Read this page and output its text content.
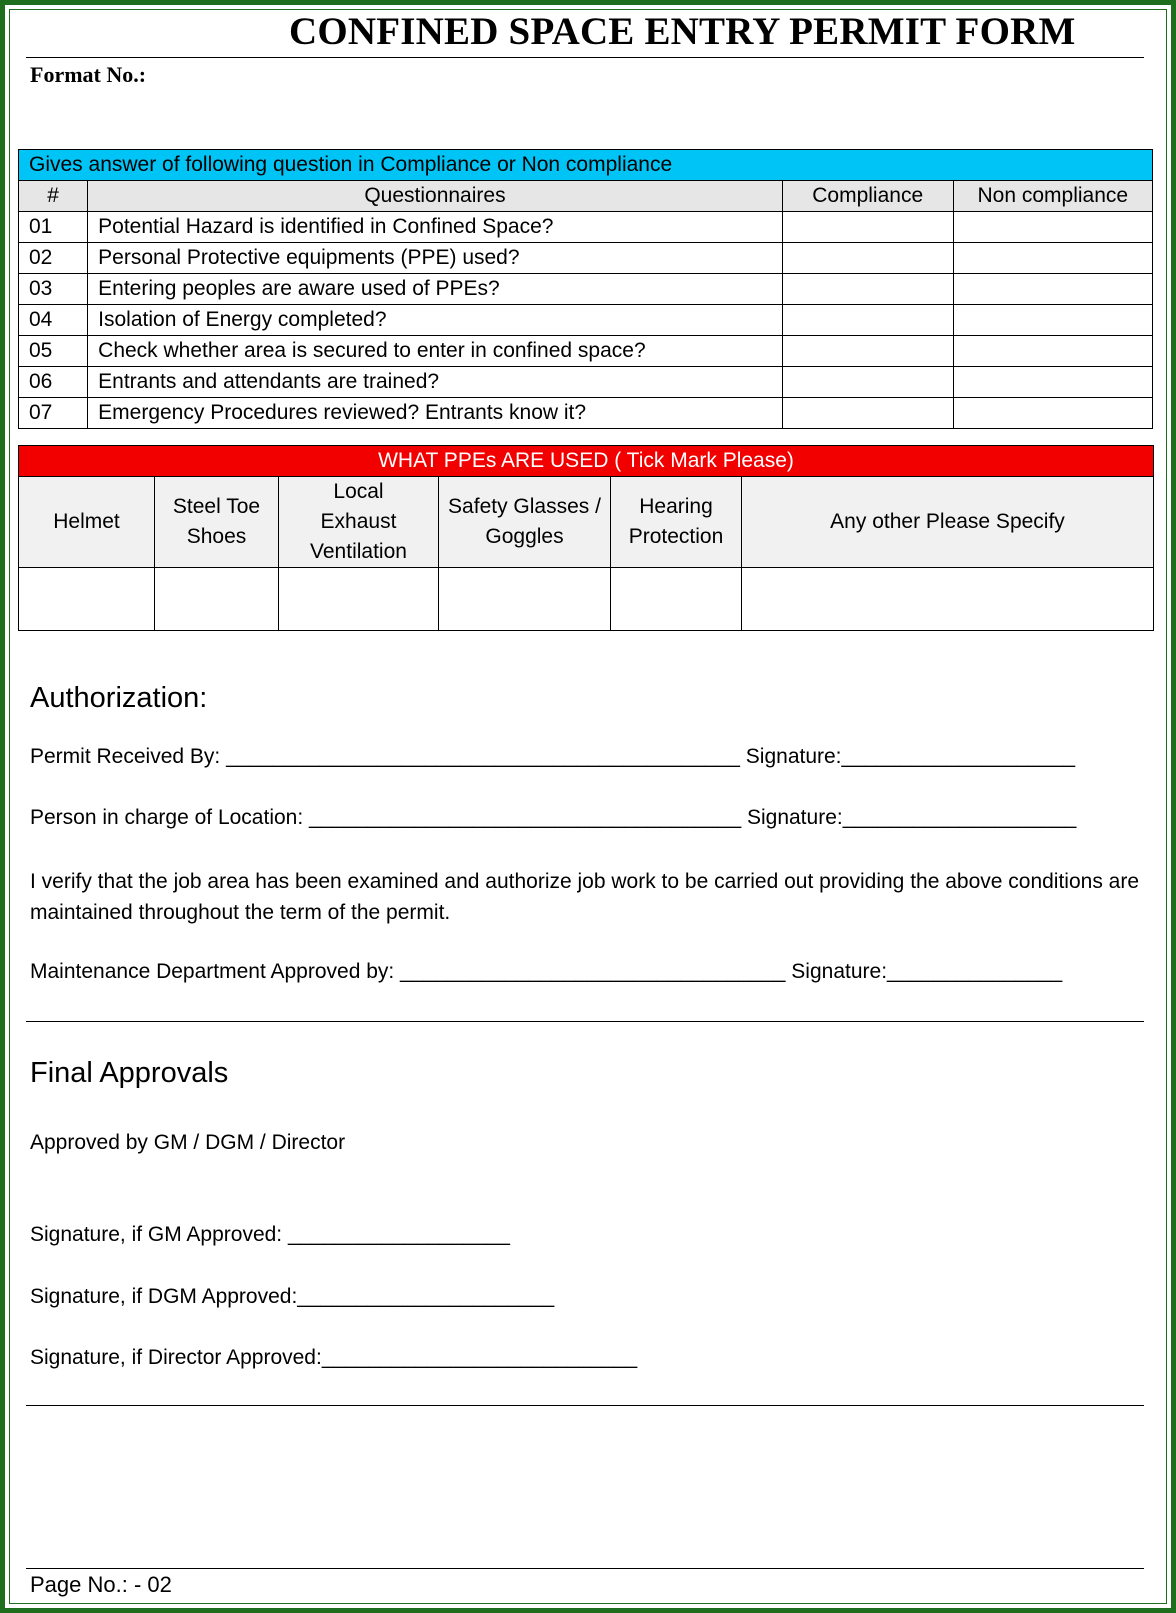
CONFINED SPACE ENTRY PERMIT FORM
Format No.:
Gives answer of following question in Compliance or Non compliance			
#	Questionnaires	Compliance	Non compliance
01	Potential Hazard is identified in Confined Space?		
02	Personal Protective equipments (PPE) used?		
03	Entering peoples are aware used of PPEs?		
04	Isolation of Energy completed?		
05	Check whether area is secured to enter in confined space?		
06	Entrants and attendants are trained?		
07	Emergency Procedures reviewed? Entrants know it?		
WHAT PPEs ARE USED ( Tick Mark Please)					
Helmet	Steel Toe Shoes	Local Exhaust Ventilation	Safety Glasses / Goggles	Hearing Protection	Any other Please Specify

Authorization:
Permit Received By: ____________________________________________ Signature:____________________
Person in charge of Location: _____________________________________ Signature:____________________
I verify that the job area has been examined and authorize job work to be carried out providing the above conditions are maintained throughout the term of the permit.
Maintenance Department Approved by: _________________________________ Signature:_______________
Final Approvals
Approved by GM / DGM / Director
Signature, if GM Approved: ___________________
Signature, if DGM Approved:______________________
Signature, if Director Approved:___________________________
Page No.: - 02
